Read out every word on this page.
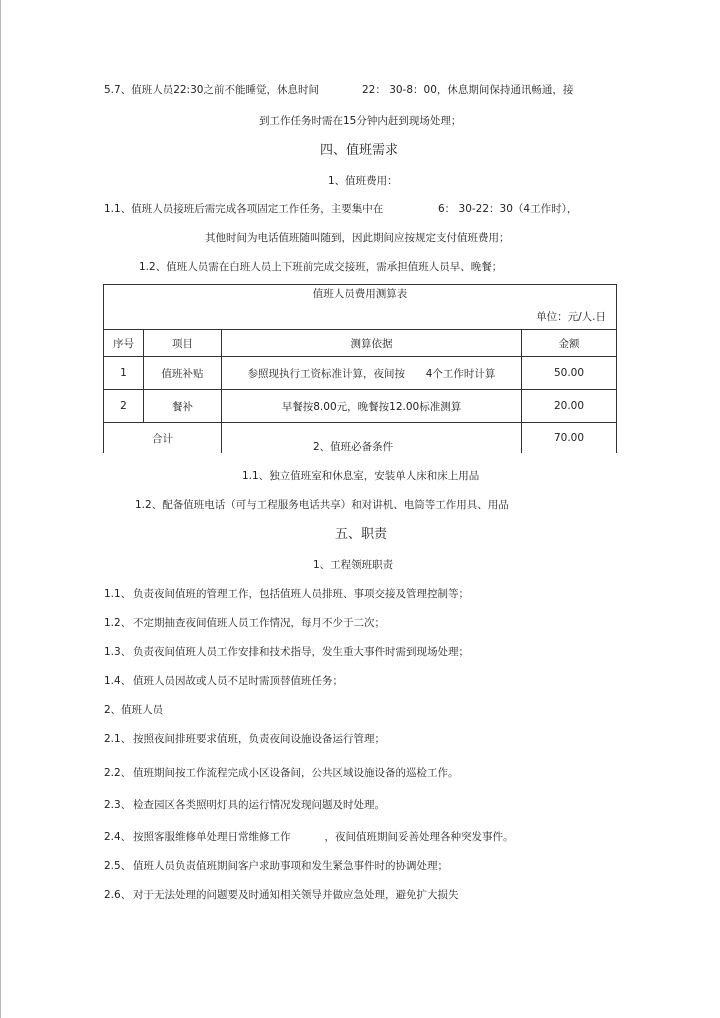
5.7、值班人员22:30之前不能睡觉，休息时间	22： 30-8：00，休息期间保持通讯畅通，接
到工作任务时需在15分钟内赶到现场处理；
四、值班需求
1、值班费用：
1.1、值班人员接班后需完成各项固定工作任务，主要集中在	6： 30-22：30（4工作时），
其他时间为电话值班随叫随到，因此期间应按规定支付值班费用；
1.2、值班人员需在白班人员上下班前完成交接班，需承担值班人员早、晚餐；
值班人员费用测算表			
单位：元/人.日			
序号	项目	测算依据	金额
1	值班补贴	参照现执行工资标准计算，夜间按 4个工作时计算	50.00
2	餐补	早餐按8.00元，晚餐按12.00标准测算	20.00
合计			70.00
2、值班必备条件
1.1、独立值班室和休息室，安装单人床和床上用品
1.2、配备值班电话（可与工程服务电话共享）和对讲机、电筒等工作用具、用品
五、职责
1、工程领班职责
1.1、 负责夜间值班的管理工作，包括值班人员排班、事项交接及管理控制等；
1.2、 不定期抽查夜间值班人员工作情况，每月不少于二次；
1.3、 负责夜间值班人员工作安排和技术指导，发生重大事件时需到现场处理；
1.4、 值班人员因故或人员不足时需顶替值班任务；
2、值班人员
2.1、 按照夜间排班要求值班，负责夜间设施设备运行管理；
2.2、 值班期间按工作流程完成小区设备间，公共区域设施设备的巡检工作。
2.3、 检查园区各类照明灯具的运行情况发现问题及时处理。
2.4、 按照客服维修单处理日常维修工作	，夜间值班期间妥善处理各种突发事件。
2.5、 值班人员负责值班期间客户求助事项和发生紧急事件时的协调处理；
2.6、 对于无法处理的问题要及时通知相关领导并做应急处理，避免扩大损失
